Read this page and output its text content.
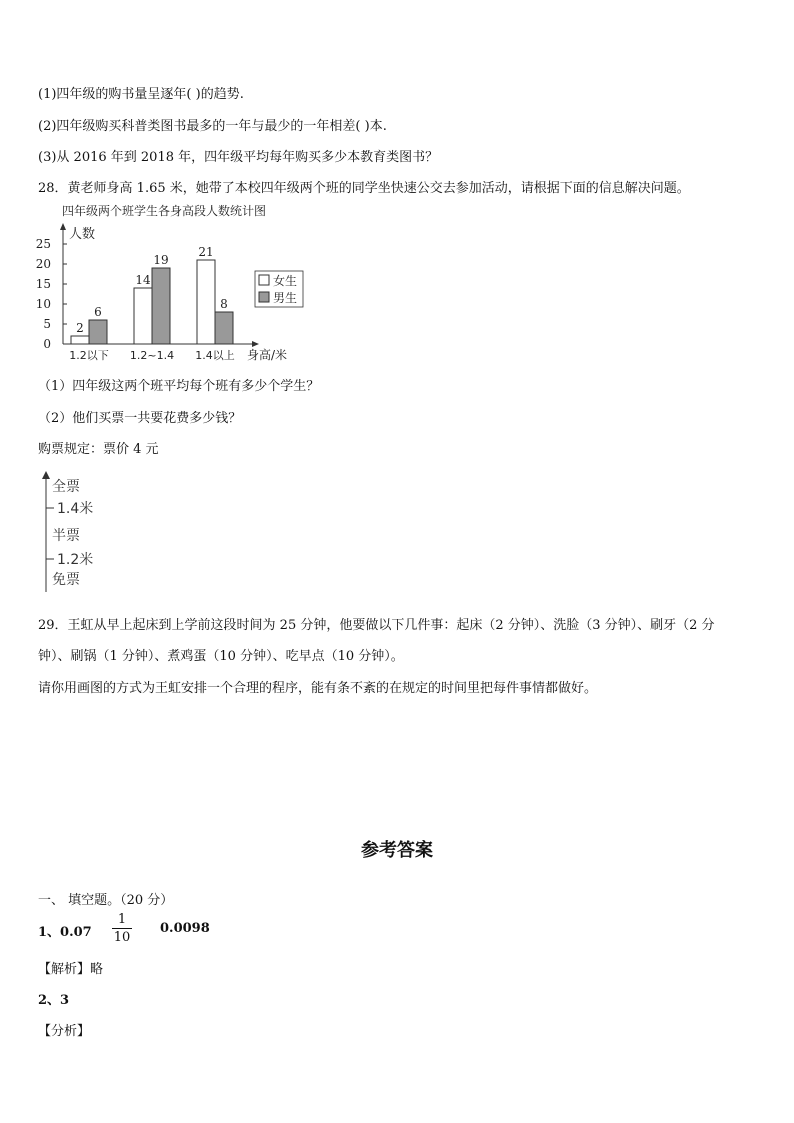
(1)四年级的购书量呈逐年( )的趋势.
(2)四年级购买科普类图书最多的一年与最少的一年相差( )本.
(3)从 2016 年到 2018 年，四年级平均每年购买多少本教育类图书？
28．黄老师身高 1.65 米，她带了本校四年级两个班的同学坐快速公交去参加活动，请根据下面的信息解决问题。
四年级两个班学生各身高段人数统计图
0
5
10
15
20
25
人数
身高/米
2
6
1.2以下
14
19
1.2~1.4
21
8
1.4以上
女生
男生
（1）四年级这两个班平均每个班有多少个学生？
（2）他们买票一共要花费多少钱？
购票规定：票价 4 元
全票
1.4米
半票
1.2米
免票
29．王虹从早上起床到上学前这段时间为 25 分钟，他要做以下几件事：起床（2 分钟）、洗脸（3 分钟）、刷牙（2 分
钟）、刷锅（1 分钟）、煮鸡蛋（10 分钟）、吃早点（10 分钟）。
请你用画图的方式为王虹安排一个合理的程序，能有条不紊的在规定的时间里把每件事情都做好。
参考答案
一、 填空题。（20 分）
1、0.07
1
10
0.0098
【解析】略
2、3
【分析】
